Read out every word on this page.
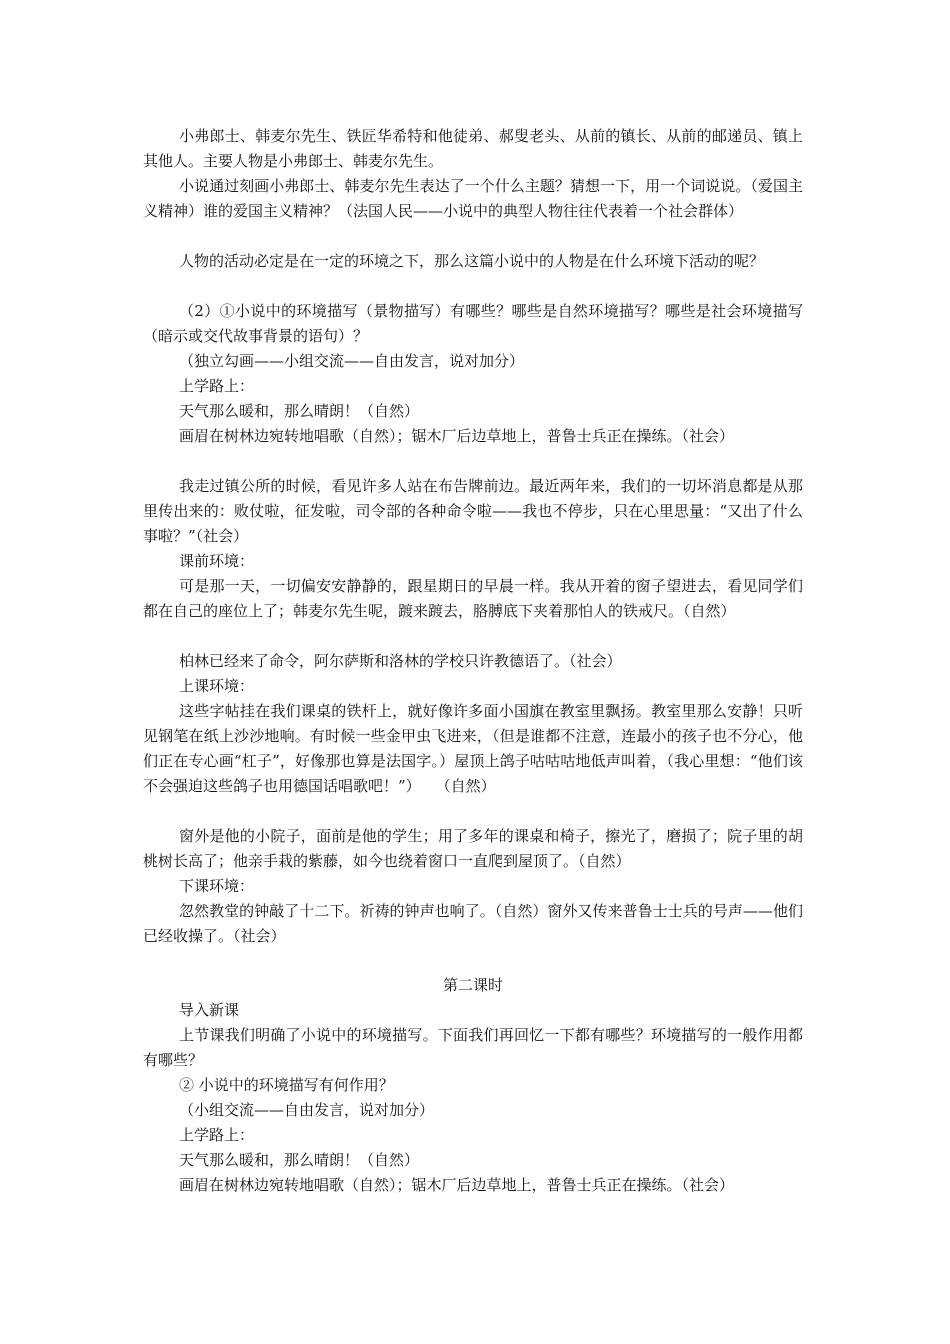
小弗郎士、韩麦尔先生、铁匠华希特和他徒弟、郝叟老头、从前的镇长、从前的邮递员、镇上其他人。主要人物是小弗郎士、韩麦尔先生。

小说通过刻画小弗郎士、韩麦尔先生表达了一个什么主题？猜想一下，用一个词说说。（爱国主义精神）谁的爱国主义精神？（法国人民——小说中的典型人物往往代表着一个社会群体）

人物的活动必定是在一定的环境之下，那么这篇小说中的人物是在什么环境下活动的呢？

（2）①小说中的环境描写（景物描写）有哪些？哪些是自然环境描写？哪些是社会环境描写（暗示或交代故事背景的语句）？

（独立勾画——小组交流——自由发言，说对加分）

上学路上：

天气那么暖和，那么晴朗！（自然）

画眉在树林边宛转地唱歌（自然）；锯木厂后边草地上，普鲁士兵正在操练。（社会）

我走过镇公所的时候，看见许多人站在布告牌前边。最近两年来，我们的一切坏消息都是从那里传出来的：败仗啦，征发啦，司令部的各种命令啦——我也不停步，只在心里思量：“又出了什么事啦？”（社会）

课前环境：

可是那一天，一切偏安安静静的，跟星期日的早晨一样。我从开着的窗子望进去，看见同学们都在自己的座位上了；韩麦尔先生呢，踱来踱去，胳膊底下夹着那怕人的铁戒尺。（自然）

柏林已经来了命令，阿尔萨斯和洛林的学校只许教德语了。（社会）

上课环境：

这些字帖挂在我们课桌的铁杆上，就好像许多面小国旗在教室里飘扬。教室里那么安静！只听见钢笔在纸上沙沙地响。有时候一些金甲虫飞进来，（但是谁都不注意，连最小的孩子也不分心，他们正在专心画“杠子”，好像那也算是法国字。）屋顶上鸽子咕咕咕地低声叫着，（我心里想：“他们该不会强迫这些鸽子也用德国话唱歌吧！”）　　（自然）

窗外是他的小院子，面前是他的学生；用了多年的课桌和椅子，擦光了，磨损了；院子里的胡桃树长高了；他亲手栽的紫藤，如今也绕着窗口一直爬到屋顶了。（自然）

下课环境：

忽然教堂的钟敲了十二下。祈祷的钟声也响了。（自然）窗外又传来普鲁士士兵的号声——他们已经收操了。（社会）

第二课时

导入新课

上节课我们明确了小说中的环境描写。下面我们再回忆一下都有哪些？环境描写的一般作用都有哪些？

② 小说中的环境描写有何作用？

（小组交流——自由发言，说对加分）

上学路上：

天气那么暖和，那么晴朗！（自然）

画眉在树林边宛转地唱歌（自然）；锯木厂后边草地上，普鲁士兵正在操练。（社会）
